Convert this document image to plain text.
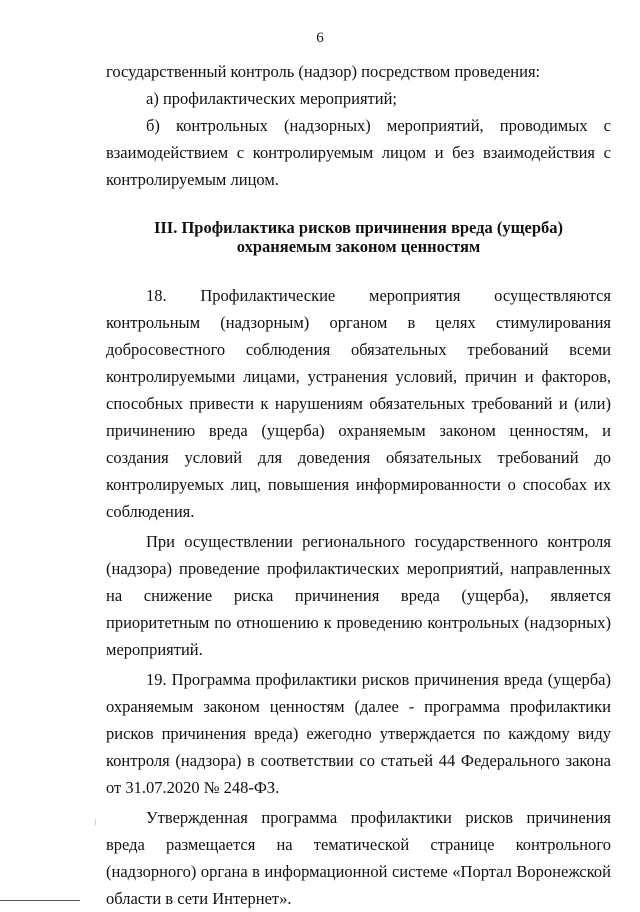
6

государственный контроль (надзор) посредством проведения:

а) профилактических мероприятий;

б) контрольных (надзорных) мероприятий, проводимых с взаимодействием с контролируемым лицом и без взаимодействия с контролируемым лицом.

III. Профилактика рисков причинения вреда (ущерба)
охраняемым законом ценностям

18. Профилактические мероприятия осуществляются контрольным (надзорным) органом в целях стимулирования добросовестного соблюдения обязательных требований всеми контролируемыми лицами, устранения условий, причин и факторов, способных привести к нарушениям обязательных требований и (или) причинению вреда (ущерба) охраняемым законом ценностям, и создания условий для доведения обязательных требований до контролируемых лиц, повышения информированности о способах их соблюдения.

При осуществлении регионального государственного контроля (надзора) проведение профилактических мероприятий, направленных на снижение риска причинения вреда (ущерба), является приоритетным по отношению к проведению контрольных (надзорных) мероприятий.

19. Программа профилактики рисков причинения вреда (ущерба) охраняемым законом ценностям (далее - программа профилактики рисков причинения вреда) ежегодно утверждается по каждому виду контроля (надзора) в соответствии со статьей 44 Федерального закона от 31.07.2020 № 248-ФЗ.

Утвержденная программа профилактики рисков причинения вреда размещается на тематической странице контрольного (надзорного) органа в информационной системе «Портал Воронежской области в сети Интернет».
